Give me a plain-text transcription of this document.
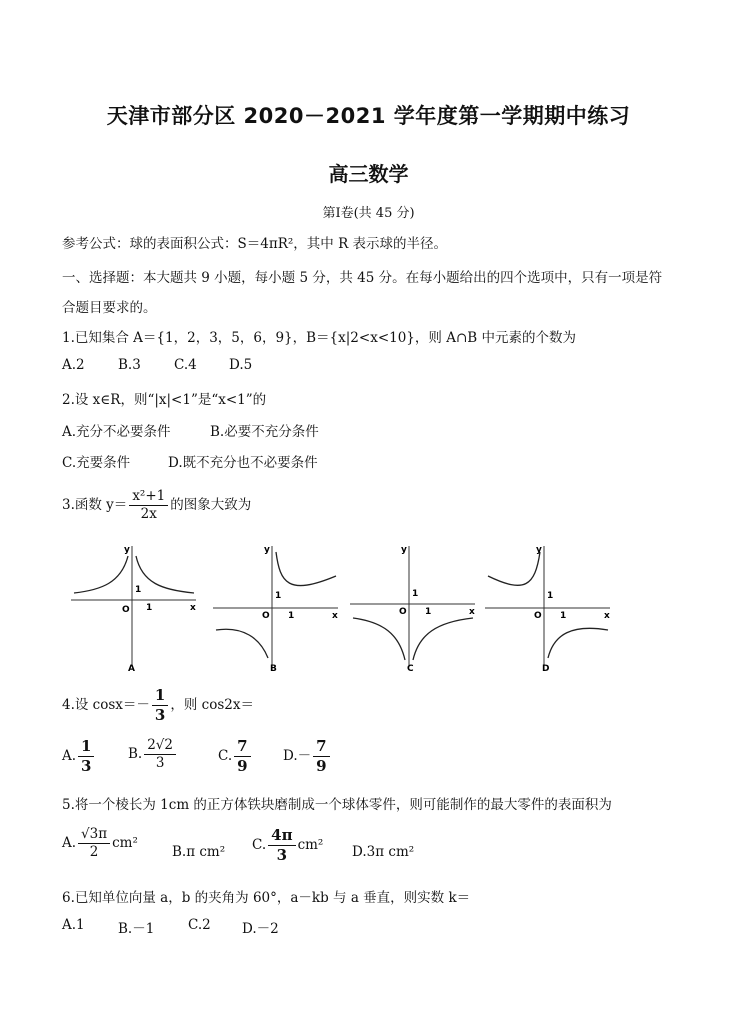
天津市部分区 2020－2021 学年度第一学期期中练习
高三数学
第Ⅰ卷(共 45 分)
参考公式：球的表面积公式：S＝4πR²，其中 R 表示球的半径。
一、选择题：本大题共 9 小题，每小题 5 分，共 45 分。在每小题给出的四个选项中，只有一项是符
合题目要求的。
1.已知集合 A＝{1，2，3，5，6，9}，B＝{x|2<x<10}，则 A∩B 中元素的个数为
A.2 B.3 C.4 D.5
2.设 x∈R，则“|x|<1”是“x<1”的
A.充分不必要条件	B.必要不充分条件
C.充要条件	D.既不充分也不必要条件
3.函数 $y= \frac{\text{x²+1}}{2x}$ 的图象大致为
y
x
O 1
1
A
y
x
O 1
1
B
y
x
O 1
1
C
y
x
O 1
1
D
4.设 $\cos x=- \frac{1}{3}$ ，则 cos2x＝
A. $\frac{1}{3} B$. $\frac{2√2}{3}$	C. $\frac{7}{9} D.- \frac{7}{9}$
5.将一个棱长为 1cm 的正方体铁块磨制成一个球体零件，则可能制作的最大零件的表面积为
A. $\frac{√3\pi}{2} cm^2$
B.π cm² C. $\frac{4\pi}{3} cm^2$ D.3π cm²
6.已知单位向量 a，b 的夹角为 60°，a－kb 与 a 垂直，则实数 k＝
A.1 B.－1 C.2 D.－2
